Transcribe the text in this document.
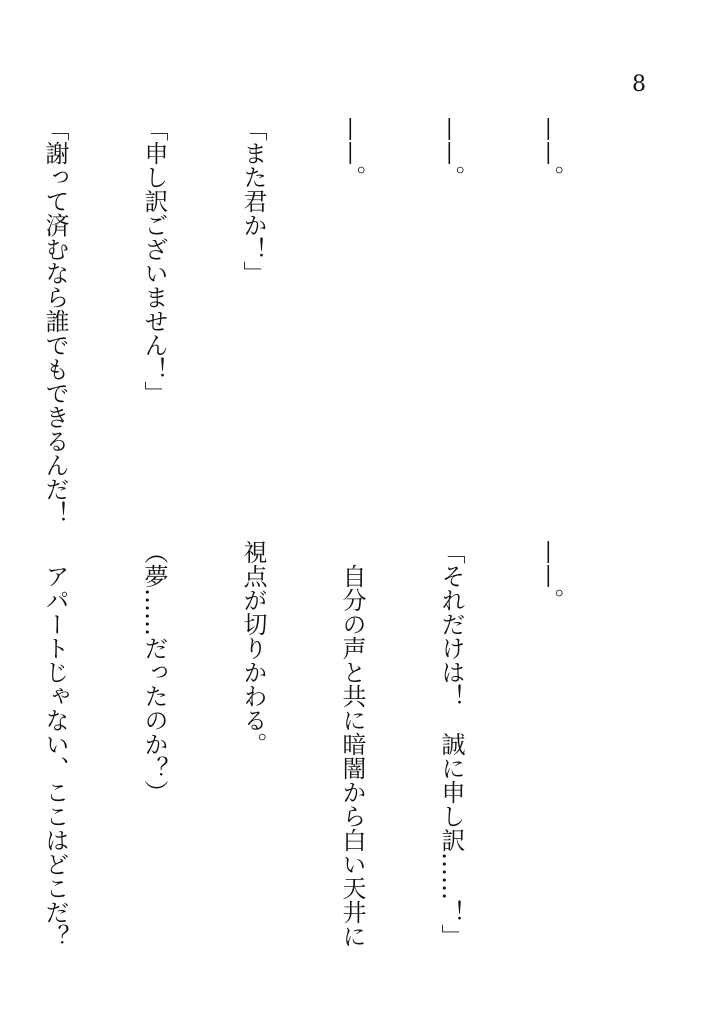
8

——。

——。

——。

「また君か！」

「申し訳ございません！」

「謝って済むなら誰でもできるんだ！

——。

「それだけは！　誠に申し訳……！」

　自分の声と共に暗闇から白い天井に

視点が切りかわる。

（夢……だったのか？）

　アパートじゃない、ここはどこだ？
